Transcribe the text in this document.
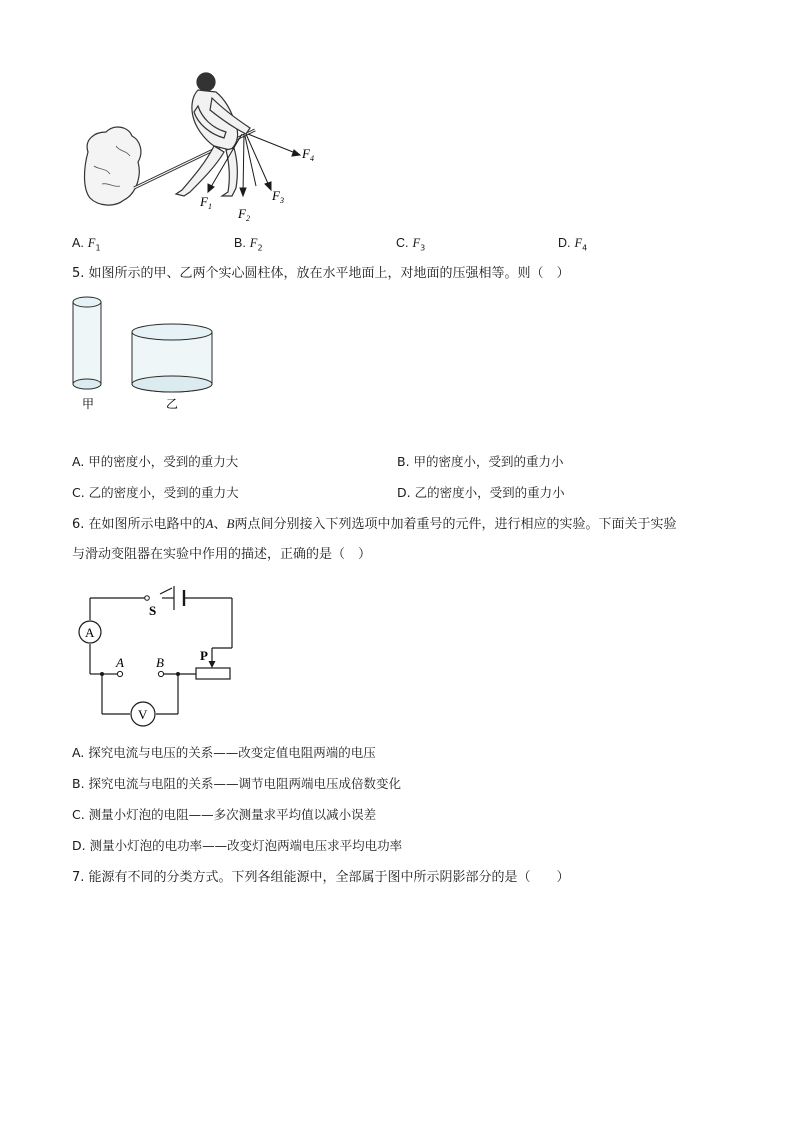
$F_1$ $F_2$
$F_3$
$F_4$
A. $F_1$	B. $F_2$	C. $F_3$	D. $F_4$
5. 如图所示的甲、乙两个实心圆柱体，放在水平地面上，对地面的压强相等。则（　）
甲	乙
A. 甲的密度小，受到的重力大	B. 甲的密度小，受到的重力小
C. 乙的密度小，受到的重力大	D. 乙的密度小，受到的重力小
6. 在如图所示电路中的A、B两点间分别接入下列选项中加着重号的元件，进行相应的实验。下面关于实验
与滑动变阻器在实验中作用的描述，正确的是（　）
A
V
S
A B	P
A. 探究电流与电压的关系——改变定值电阻两端的电压
B. 探究电流与电阻的关系——调节电阻两端电压成倍数变化
C. 测量小灯泡的电阻——多次测量求平均值以减小误差
D. 测量小灯泡的电功率——改变灯泡两端电压求平均电功率
7. 能源有不同的分类方式。下列各组能源中，全部属于图中所示阴影部分的是（　　）
